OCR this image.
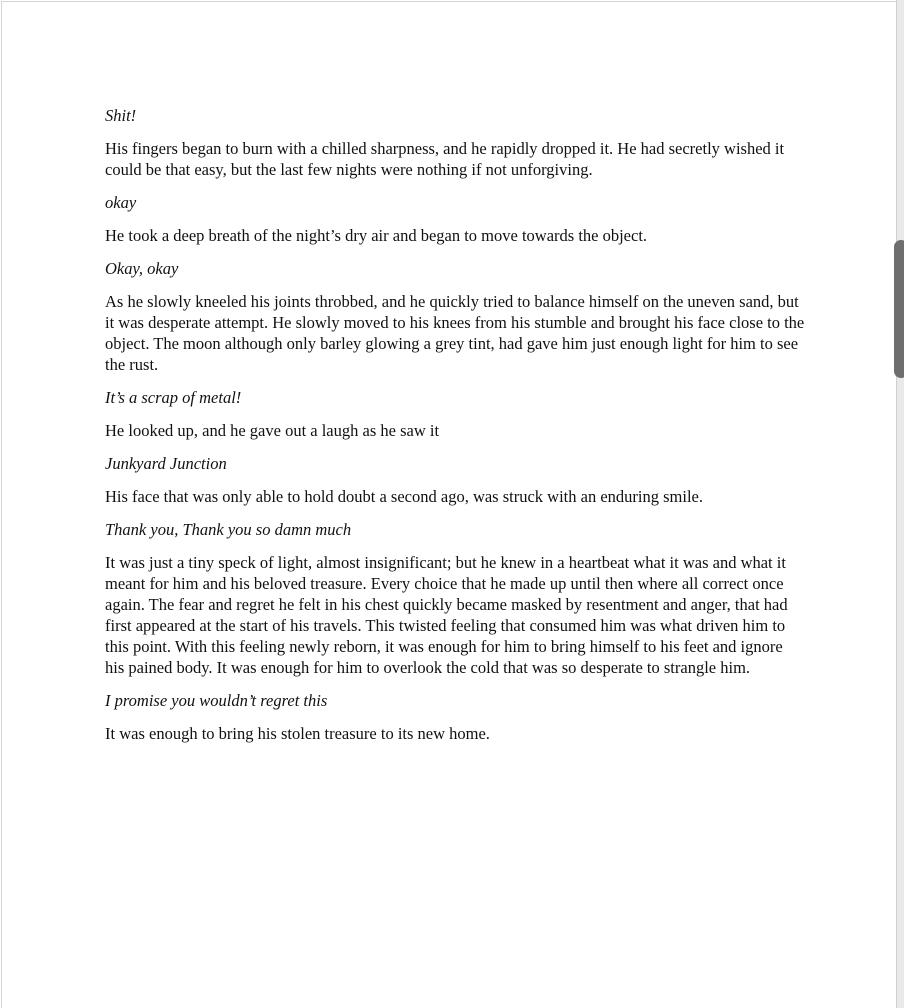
Shit!

His fingers began to burn with a chilled sharpness, and he rapidly dropped it. He had secretly wished it could be that easy, but the last few nights were nothing if not unforgiving.

okay

He took a deep breath of the night’s dry air and began to move towards the object.

Okay, okay

As he slowly kneeled his joints throbbed, and he quickly tried to balance himself on the uneven sand, but it was desperate attempt. He slowly moved to his knees from his stumble and brought his face close to the object. The moon although only barley glowing a grey tint, had gave him just enough light for him to see the rust.

It’s a scrap of metal!

He looked up, and he gave out a laugh as he saw it

Junkyard Junction

His face that was only able to hold doubt a second ago, was struck with an enduring smile.

Thank you, Thank you so damn much

It was just a tiny speck of light, almost insignificant; but he knew in a heartbeat what it was and what it meant for him and his beloved treasure. Every choice that he made up until then where all correct once again. The fear and regret he felt in his chest quickly became masked by resentment and anger, that had first appeared at the start of his travels. This twisted feeling that consumed him was what driven him to this point. With this feeling newly reborn, it was enough for him to bring himself to his feet and ignore his pained body. It was enough for him to overlook the cold that was so desperate to strangle him.

I promise you wouldn’t regret this

It was enough to bring his stolen treasure to its new home.
